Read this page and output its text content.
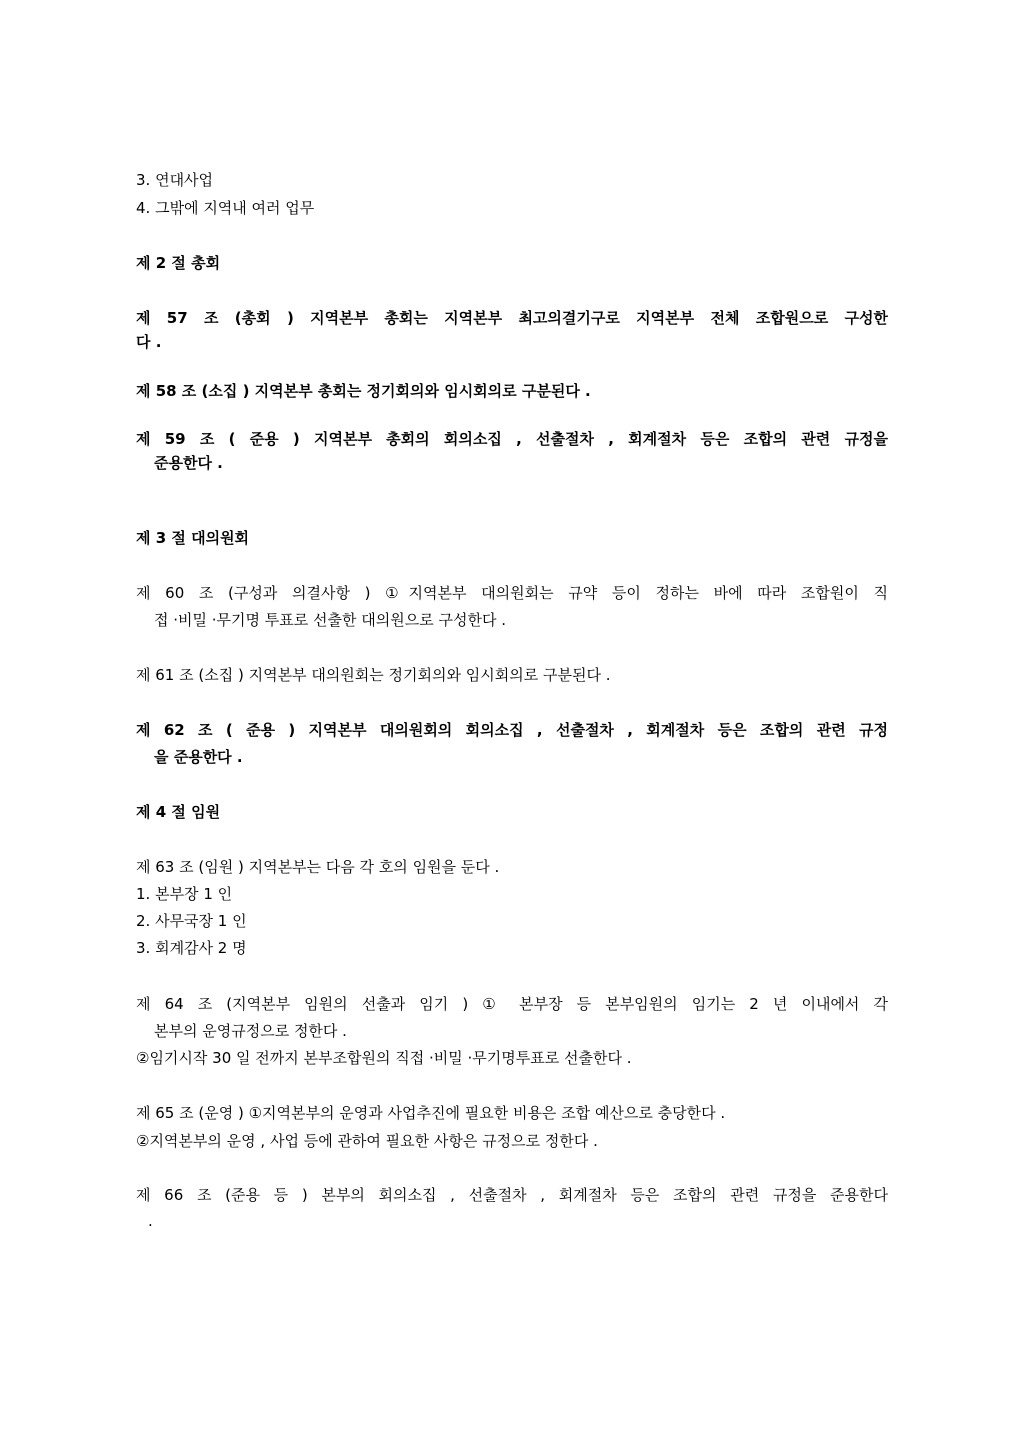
3. 연대사업
4. 그밖에 지역내 여러 업무
제 2 절 총회
제 57 조 (총회 ) 지역본부 총회는 지역본부 최고의결기구로 지역본부 전체 조합원으로 구성한
다 .
제 58 조 (소집 ) 지역본부 총회는 정기회의와 임시회의로 구분된다 .
제 59 조 ( 준용 ) 지역본부 총회의 회의소집 , 선출절차 , 회계절차 등은 조합의 관련 규정을
준용한다 .
제 3 절 대의원회
제 60 조 (구성과 의결사항 ) ①지역본부 대의원회는 규약 등이 정하는 바에 따라 조합원이 직
접 ·비밀 ·무기명 투표로 선출한 대의원으로 구성한다 .
제 61 조 (소집 ) 지역본부 대의원회는 정기회의와 임시회의로 구분된다 .
제 62 조 ( 준용 ) 지역본부 대의원회의 회의소집 , 선출절차 , 회계절차 등은 조합의 관련 규정
을 준용한다 .
제 4 절 임원
제 63 조 (임원 ) 지역본부는 다음 각 호의 임원을 둔다 .
1. 본부장 1 인
2. 사무국장 1 인
3. 회계감사 2 명
제 64 조 (지역본부 임원의 선출과 임기 ) ① 본부장 등 본부임원의 임기는 2 년 이내에서 각
본부의 운영규정으로 정한다 .
②임기시작 30 일 전까지 본부조합원의 직접 ·비밀 ·무기명투표로 선출한다 .
제 65 조 (운영 ) ①지역본부의 운영과 사업추진에 필요한 비용은 조합 예산으로 충당한다 .
②지역본부의 운영 , 사업 등에 관하여 필요한 사항은 규정으로 정한다 .
제 66 조 (준용 등 ) 본부의 회의소집 , 선출절차 , 회계절차 등은 조합의 관련 규정을 준용한다
.
